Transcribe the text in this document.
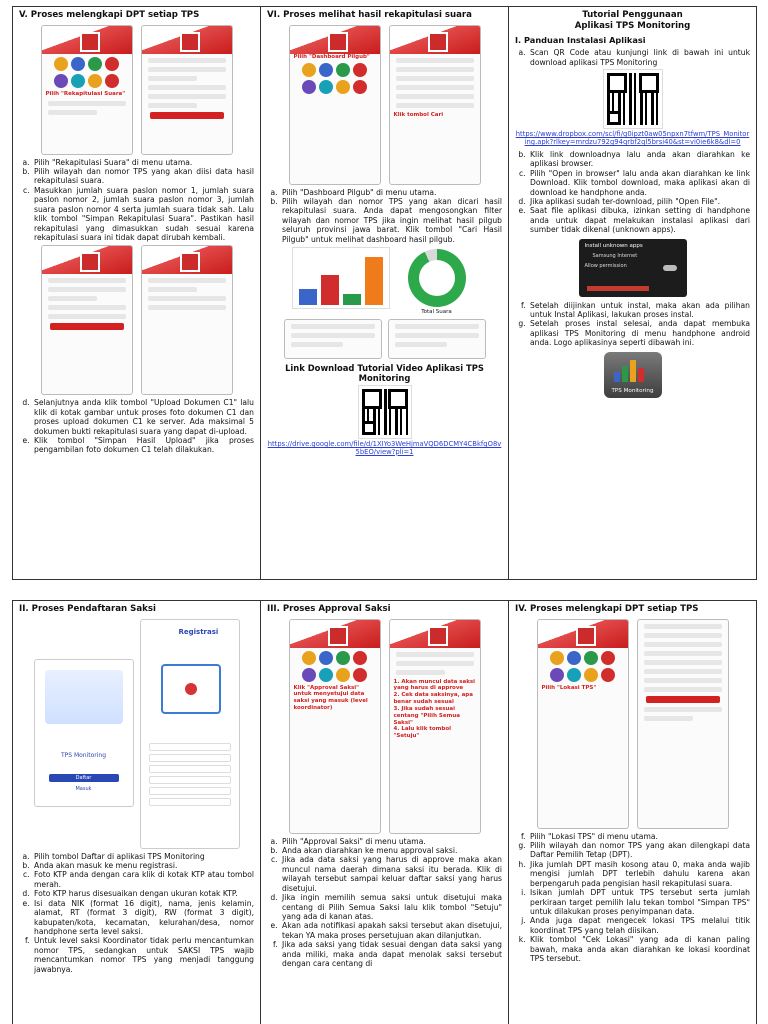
V. Proses melengkapi DPT setiap TPS
Pilih "Rekapitulasi Suara"
a. Pilih "Rekapitulasi Suara" di menu utama.
b. Pilih wilayah dan nomor TPS yang akan diisi data hasil rekapitulasi suara.
c. Masukkan jumlah suara paslon nomor 1, jumlah suara paslon nomor 2, jumlah suara paslon nomor 3, jumlah suara paslon nomor 4 serta jumlah suara tidak sah. Lalu klik tombol "Simpan Rekapitulasi Suara". Pastikan hasil rekapitulasi yang dimasukkan sudah sesuai karena rekapitulasi suara ini tidak dapat dirubah kembali.
d. Selanjutnya anda klik tombol "Upload Dokumen C1" lalu klik di kotak gambar untuk proses foto dokumen C1 dan proses upload dokumen C1 ke server. Ada maksimal 5 dokumen bukti rekapitulasi suara yang dapat di-upload.
e. Klik tombol "Simpan Hasil Upload" jika proses pengambilan foto dokumen C1 telah dilakukan.
VI. Proses melihat hasil rekapitulasi suara
Pilih "Dashboard Pilgub"
Klik tombol Cari
a. Pilih "Dashboard Pilgub" di menu utama.
b. Pilih wilayah dan nomor TPS yang akan dicari hasil rekapitulasi suara. Anda dapat mengosongkan filter wilayah dan nomor TPS jika ingin melihat hasil pilgub seluruh provinsi jawa barat. Klik tombol "Cari Hasil Pilgub" untuk melihat dashboard hasil pilgub.
Total Suara
Link Download Tutorial Video Aplikasi TPS Monitoring
https://drive.google.com/file/d/1XIYo3WeHjmaVQD6DCMY4CBkfgO8v5bEO/view?pli=1
Tutorial Penggunaan
Aplikasi TPS Monitoring
I. Panduan Instalasi Aplikasi
a. Scan QR Code atau kunjungi link di bawah ini untuk download aplikasi TPS Monitoring
https://www.dropbox.com/scl/fi/g0ipzt0aw05npxn7tfwm/TPS_Monitoring.apk?rlkey=mrdzu792g94qrbf2ql5brsi40&st=vi0ie6k8&dl=0
b. Klik link downloadnya lalu anda akan diarahkan ke aplikasi browser.
c. Pilih "Open in browser" lalu anda akan diarahkan ke link Download. Klik tombol download, maka aplikasi akan di download ke handphone anda.
d. Jika aplikasi sudah ter-download, pilih "Open File".
e. Saat file aplikasi dibuka, izinkan setting di handphone anda untuk dapat melakukan instalasi aplikasi dari sumber tidak dikenal (unknown apps).
Install unknown apps
Samsung Internet
Allow permission
f. Setelah diijinkan untuk instal, maka akan ada pilihan untuk Instal Aplikasi, lakukan proses instal.
g. Setelah proses instal selesai, anda dapat membuka aplikasi TPS Monitoring di menu handphone android anda. Logo aplikasinya seperti dibawah ini.
TPS Monitoring
II. Proses Pendaftaran Saksi
TPS Monitoring
Daftar
Masuk
Registrasi
a. Pilih tombol Daftar di aplikasi TPS Monitoring
b. Anda akan masuk ke menu registrasi.
c. Foto KTP anda dengan cara klik di kotak KTP atau tombol merah.
d. Foto KTP harus disesuaikan dengan ukuran kotak KTP.
e. Isi data NIK (format 16 digit), nama, jenis kelamin, alamat, RT (format 3 digit), RW (format 3 digit), kabupaten/kota, kecamatan, kelurahan/desa, nomor handphone serta level saksi.
f. Untuk level saksi Koordinator tidak perlu mencantumkan nomor TPS, sedangkan untuk SAKSI TPS wajib mencantumkan nomor TPS yang menjadi tanggung jawabnya.
III. Proses Approval Saksi
Klik "Approval Saksi" untuk menyetujui data saksi yang masuk (level koordinator)
1. Akan muncul data saksi yang harus di approve
2. Cek data saksinya, apa benar sudah sesuai
3. Jika sudah sesuai centang "Pilih Semua Saksi"
4. Lalu klik tombol "Setuju"
a. Pilih "Approval Saksi" di menu utama.
b. Anda akan diarahkan ke menu approval saksi.
c. Jika ada data saksi yang harus di approve maka akan muncul nama daerah dimana saksi itu berada. Klik di wilayah tersebut sampai keluar daftar saksi yang harus disetujui.
d. Jika ingin memilih semua saksi untuk disetujui maka centang di Pilih Semua Saksi lalu klik tombol "Setuju" yang ada di kanan atas.
e. Akan ada notifikasi apakah saksi tersebut akan disetujui, tekan YA maka proses persetujuan akan dilanjutkan.
f. Jika ada saksi yang tidak sesuai dengan data saksi yang anda miliki, maka anda dapat menolak saksi tersebut dengan cara centang di
IV. Proses melengkapi DPT setiap TPS
Pilih "Lokasi TPS"
f. Pilih "Lokasi TPS" di menu utama.
g. Pilih wilayah dan nomor TPS yang akan dilengkapi data Daftar Pemilih Tetap (DPT).
h. Jika jumlah DPT masih kosong atau 0, maka anda wajib mengisi jumlah DPT terlebih dahulu karena akan berpengaruh pada pengisian hasil rekapitulasi suara.
i. Isikan jumlah DPT untuk TPS tersebut serta jumlah perkiraan target pemilih lalu tekan tombol "Simpan TPS" untuk dilakukan proses penyimpanan data.
j. Anda juga dapat mengecek lokasi TPS melalui titik koordinat TPS yang telah diisikan.
k. Klik tombol "Cek Lokasi" yang ada di kanan paling bawah, maka anda akan diarahkan ke lokasi koordinat TPS tersebut.
